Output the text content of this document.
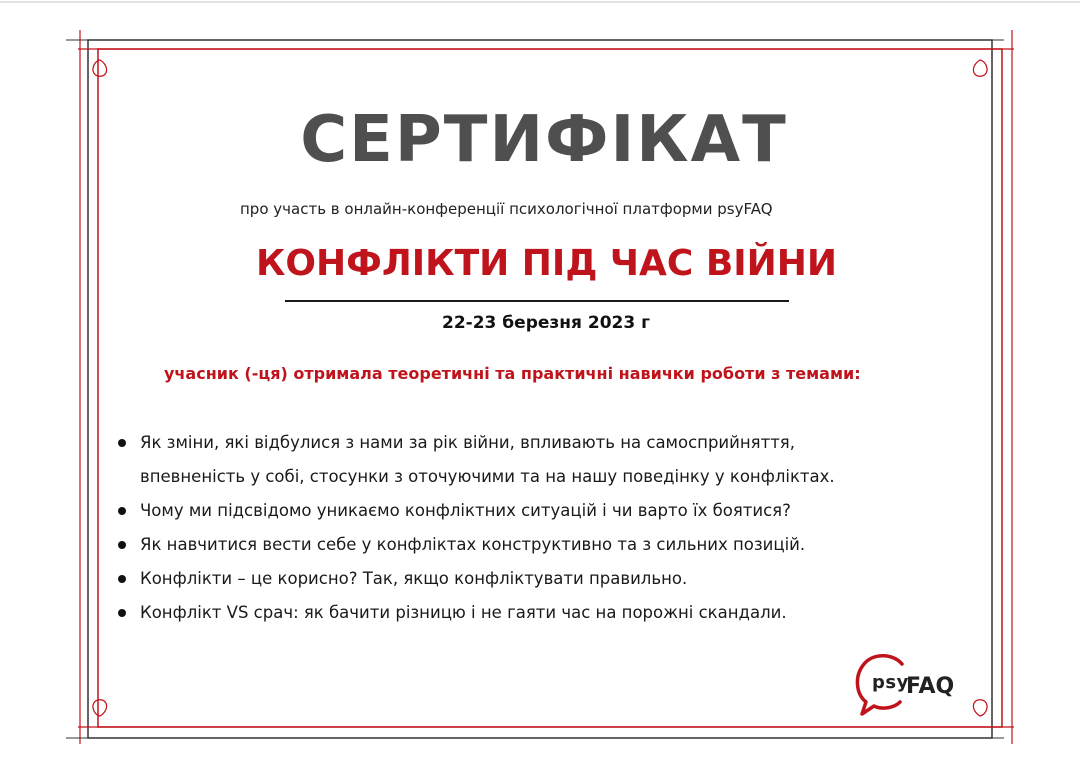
СЕРТИФІКАТ
про участь в онлайн-конференції психологічної платформи psyFAQ
КОНФЛІКТИ ПІД ЧАС ВІЙНИ
22-23 березня 2023 г
учасник (-ця) отримала теоретичні та практичні навички роботи з темами:
Як зміни, які відбулися з нами за рік війни, впливають на самосприйняття,
впевненість у собі, стосунки з оточуючими та на нашу поведінку у конфліктах.
Чому ми підсвідомо уникаємо конфліктних ситуацій і чи варто їх боятися?
Як навчитися вести себе у конфліктах конструктивно та з сильних позицій.
Конфлікти – це корисно? Так, якщо конфліктувати правильно.
Конфлікт VS срач: як бачити різницю і не гаяти час на порожні скандали.
psy
FAQ
